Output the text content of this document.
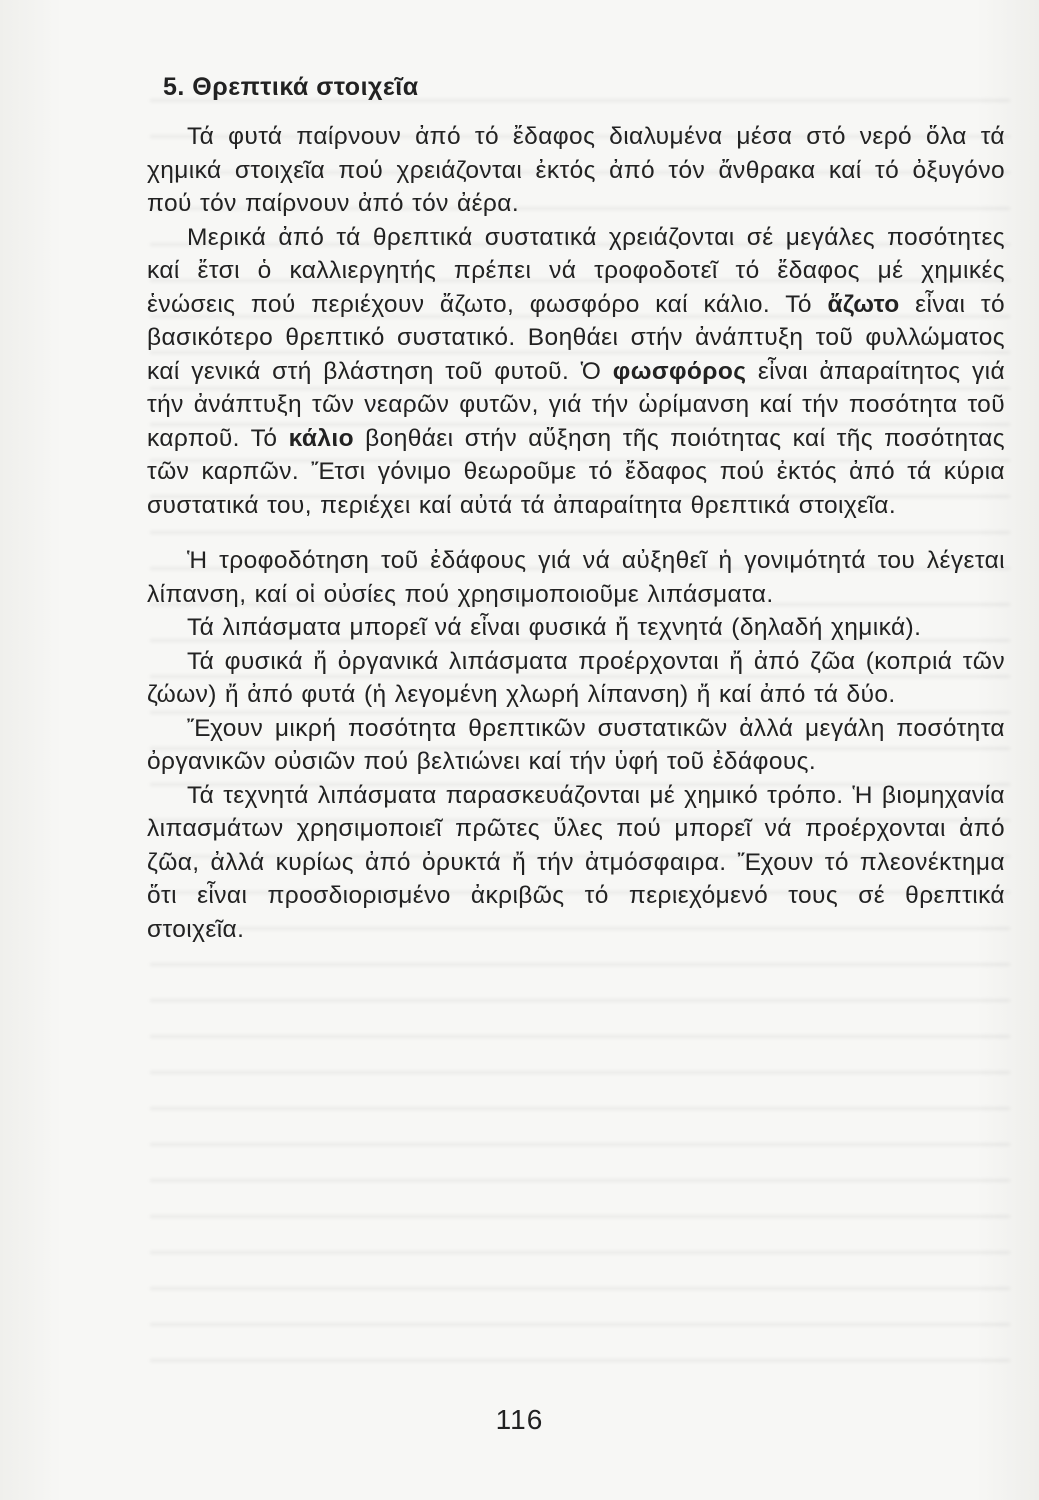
5. Θρεπτικά στοιχεῖα

Τά φυτά παίρνουν ἀπό τό ἔδαφος διαλυμένα μέσα στό νερό ὅλα τά χημικά στοιχεῖα πού χρειάζονται ἐκτός ἀπό τόν ἄνθρακα καί τό ὀξυγόνο πού τόν παίρνουν ἀπό τόν ἀέρα.

Μερικά ἀπό τά θρεπτικά συστατικά χρειάζονται σέ μεγάλες ποσότητες καί ἔτσι ὁ καλλιεργητής πρέπει νά τροφοδοτεῖ τό ἔδαφος μέ χημικές ἑνώσεις πού περιέχουν ἄζωτο, φωσφόρο καί κάλιο. Τό ἄζωτο εἶναι τό βασικότερο θρεπτικό συστατικό. Βοηθάει στήν ἀνάπτυξη τοῦ φυλλώματος καί γενικά στή βλάστηση τοῦ φυτοῦ. Ὁ φωσφόρος εἶναι ἀπαραίτητος γιά τήν ἀνάπτυξη τῶν νεαρῶν φυτῶν, γιά τήν ὡρίμανση καί τήν ποσότητα τοῦ καρποῦ. Τό κάλιο βοηθάει στήν αὔξηση τῆς ποιότητας καί τῆς ποσότητας τῶν καρπῶν. Ἔτσι γόνιμο θεωροῦμε τό ἔδαφος πού ἐκτός ἀπό τά κύρια συστατικά του, περιέχει καί αὐτά τά ἀπαραίτητα θρεπτικά στοιχεῖα.

Ἡ τροφοδότηση τοῦ ἐδάφους γιά νά αὐξηθεῖ ἡ γονιμότητά του λέγεται λίπανση, καί οἱ οὐσίες πού χρησιμοποιοῦμε λιπάσματα.

Τά λιπάσματα μπορεῖ νά εἶναι φυσικά ἤ τεχνητά (δηλαδή χημικά).

Τά φυσικά ἤ ὀργανικά λιπάσματα προέρχονται ἤ ἀπό ζῶα (κοπριά τῶν ζώων) ἤ ἀπό φυτά (ἡ λεγομένη χλωρή λίπανση) ἤ καί ἀπό τά δύο.

Ἔχουν μικρή ποσότητα θρεπτικῶν συστατικῶν ἀλλά μεγάλη ποσότητα ὀργανικῶν οὐσιῶν πού βελτιώνει καί τήν ὑφή τοῦ ἐδάφους.

Τά τεχνητά λιπάσματα παρασκευάζονται μέ χημικό τρόπο. Ἡ βιομηχανία λιπασμάτων χρησιμοποιεῖ πρῶτες ὕλες πού μπορεῖ νά προέρχονται ἀπό ζῶα, ἀλλά κυρίως ἀπό ὀρυκτά ἤ τήν ἀτμόσφαιρα. Ἔχουν τό πλεονέκτημα ὅτι εἶναι προσδιορισμένο ἀκριβῶς τό περιεχόμενό τους σέ θρεπτικά στοιχεῖα.

116
